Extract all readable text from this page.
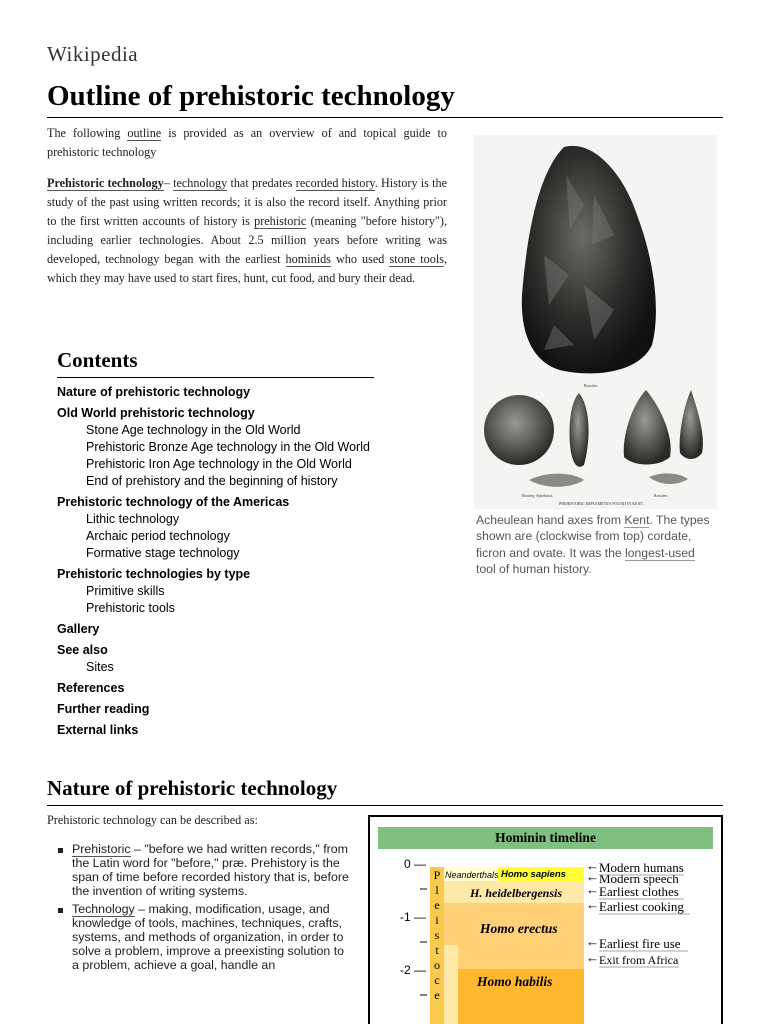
Wikipedia
Outline of prehistoric technology

The following outline is provided as an overview of and topical guide to prehistoric technology

Prehistoric technology– technology that predates recorded history. History is the study of the past using written records; it is also the record itself. Anything prior to the first written accounts of history is prehistoric (meaning "before history"), including earlier technologies. About 2.5 million years before writing was developed, technology began with the earliest hominids who used stone tools, which they may have used to start fires, hunt, cut food, and bury their dead.

Rossiter.
Bowley, Sykehurst.
PREHISTORIC IMPLEMENTS FOUND IN KENT.
Rossiter.
Acheulean hand axes from Kent. The types shown are (clockwise from top) cordate, ficron and ovate. It was the longest-used tool of human history.
Contents
Nature of prehistoric technology
Old World prehistoric technology
Stone Age technology in the Old World
Prehistoric Bronze Age technology in the Old World
Prehistoric Iron Age technology in the Old World
End of prehistory and the beginning of history
Prehistoric technology of the Americas
Lithic technology
Archaic period technology
Formative stage technology
Prehistoric technologies by type
Primitive skills
Prehistoric tools
Gallery
See also
Sites
References
Further reading
External links
Nature of prehistoric technology
Prehistoric technology can be described as:
Prehistoric – "before we had written records," from the Latin word for "before," præ. Prehistory is the span of time before recorded history that is, before the invention of writing systems.
Technology – making, modification, usage, and knowledge of tools, machines, techniques, crafts, systems, and methods of organization, in order to solve a problem, improve a preexisting solution to a problem, achieve a goal, handle an
Hominin timeline
0 —
-1 —
-2 —
P
l
e
i
s
t
o
c
e
Neanderthals Homo sapiens
H. heidelbergensis
Homo erectus
Homo habilis
← Modern humans
← Modern speech
← Earliest clothes
← Earliest cooking
← Earliest fire use
← Exit from Africa
